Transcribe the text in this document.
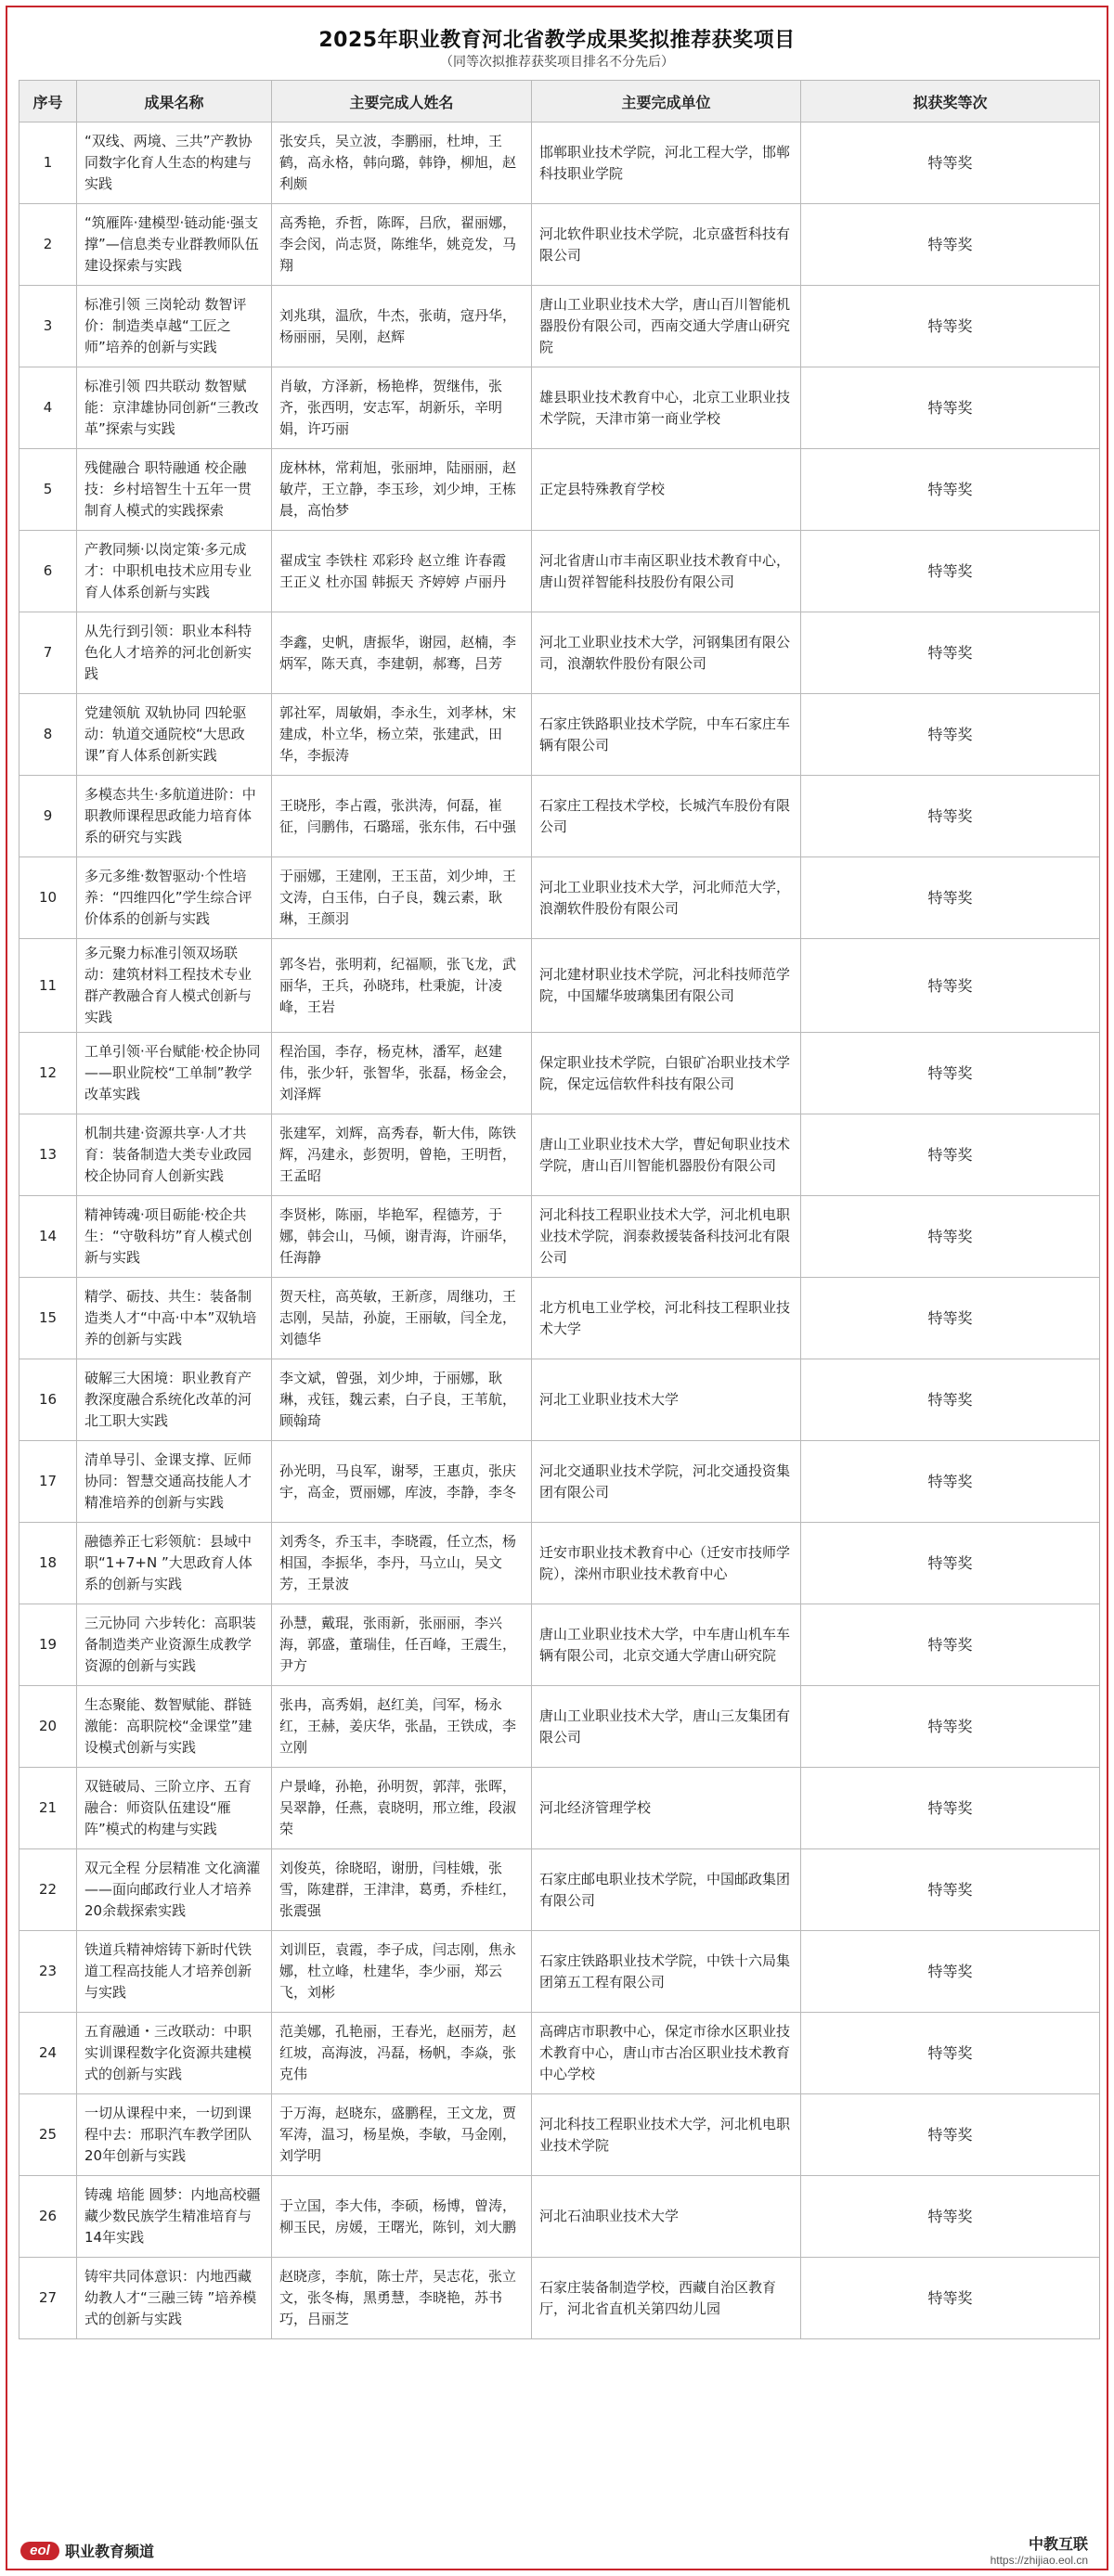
2025年职业教育河北省教学成果奖拟推荐获奖项目
（同等次拟推荐获奖项目排名不分先后）
序号	成果名称	主要完成人姓名	主要完成单位	拟获奖等次
1	“双线、两境、三共”产教协同数字化育人生态的构建与实践	张安兵，吴立波，李鹏丽，杜坤，王鹤，高永格，韩向璐，韩铮，柳旭，赵利颇	邯郸职业技术学院，河北工程大学，邯郸科技职业学院	特等奖
2	“筑雁阵·建模型·链动能·强支撑”—信息类专业群教师队伍建设探索与实践	高秀艳，乔哲，陈晖，吕欣，翟丽娜，李会闵，尚志贤，陈维华，姚竞发，马翔	河北软件职业技术学院，北京盛哲科技有限公司	特等奖
3	标准引领 三岗轮动 数智评价：制造类卓越“工匠之师”培养的创新与实践	刘兆琪，温欣，牛杰，张萌，寇丹华，杨丽丽，吴刚，赵辉	唐山工业职业技术大学，唐山百川智能机器股份有限公司，西南交通大学唐山研究院	特等奖
4	标准引领 四共联动 数智赋能：京津雄协同创新“三教改革”探索与实践	肖敏，方泽新，杨艳桦，贺继伟，张齐，张西明，安志军，胡新乐，辛明娟，许巧丽	雄县职业技术教育中心，北京工业职业技术学院，天津市第一商业学校	特等奖
5	残健融合 职特融通 校企融技：乡村培智生十五年一贯制育人模式的实践探索	庞林林，常莉旭，张丽坤，陆丽丽，赵敏芹，王立静，李玉珍，刘少坤，王栋晨，高怡梦	正定县特殊教育学校	特等奖
6	产教同频·以岗定策·多元成才：中职机电技术应用专业育人体系创新与实践	翟成宝 李铁柱 邓彩玲 赵立维 许春霞 王正义 杜亦国 韩振天 齐婷婷 卢丽丹	河北省唐山市丰南区职业技术教育中心，唐山贺祥智能科技股份有限公司	特等奖
7	从先行到引领：职业本科特色化人才培养的河北创新实践	李鑫，史帆，唐振华，谢园，赵楠，李炳军，陈天真，李建朝，郝骞，吕芳	河北工业职业技术大学，河钢集团有限公司，浪潮软件股份有限公司	特等奖
8	党建领航 双轨协同 四轮驱动：轨道交通院校“大思政课”育人体系创新实践	郭社军，周敏娟，李永生，刘孝林，宋建成，朴立华，杨立荣，张建武，田华，李振涛	石家庄铁路职业技术学院，中车石家庄车辆有限公司	特等奖
9	多模态共生·多航道进阶：中职教师课程思政能力培育体系的研究与实践	王晓彤，李占霞，张洪涛，何磊，崔征，闫鹏伟，石璐瑶，张东伟，石中强	石家庄工程技术学校，长城汽车股份有限公司	特等奖
10	多元多维·数智驱动·个性培养：“四维四化”学生综合评价体系的创新与实践	于丽娜，王建刚，王玉苗，刘少坤，王文涛，白玉伟，白子良，魏云素，耿琳，王颜羽	河北工业职业技术大学，河北师范大学，浪潮软件股份有限公司	特等奖
11	多元聚力标准引领双场联动：建筑材料工程技术专业群产教融合育人模式创新与实践	郭冬岩，张明莉，纪福顺，张飞龙，武丽华，王兵，孙晓玮，杜秉旎，计凌峰，王岩	河北建材职业技术学院，河北科技师范学院，中国耀华玻璃集团有限公司	特等奖
12	工单引领·平台赋能·校企协同——职业院校“工单制”教学改革实践	程治国，李存，杨克林，潘军，赵建伟，张少轩，张智华，张磊，杨金会，刘泽辉	保定职业技术学院，白银矿冶职业技术学院，保定远信软件科技有限公司	特等奖
13	机制共建·资源共享·人才共育：装备制造大类专业政园校企协同育人创新实践	张建军，刘辉，高秀春，靳大伟，陈铁辉，冯建永，彭贺明，曾艳，王明哲，王孟昭	唐山工业职业技术大学，曹妃甸职业技术学院，唐山百川智能机器股份有限公司	特等奖
14	精神铸魂·项目砺能·校企共生：“守敬科坊”育人模式创新与实践	李贤彬，陈丽，毕艳军，程德芳，于娜，韩会山，马倾，谢青海，许丽华，任海静	河北科技工程职业技术大学，河北机电职业技术学院，润泰救援装备科技河北有限公司	特等奖
15	精学、砺技、共生：装备制造类人才“中高·中本”双轨培养的创新与实践	贺天柱，高英敏，王新彦，周继功，王志刚，吴喆，孙旋，王丽敏，闫全龙，刘德华	北方机电工业学校，河北科技工程职业技术大学	特等奖
16	破解三大困境：职业教育产教深度融合系统化改革的河北工职大实践	李文斌，曾强，刘少坤，于丽娜，耿琳，戎钰，魏云素，白子良，王苇航，顾翰琦	河北工业职业技术大学	特等奖
17	清单导引、金课支撑、匠师协同：智慧交通高技能人才精准培养的创新与实践	孙光明，马良军，谢琴，王惠贞，张庆宇，高金，贾丽娜，库波，李静，李冬	河北交通职业技术学院，河北交通投资集团有限公司	特等奖
18	融德养正七彩领航：县域中职“1+7+N ”大思政育人体系的创新与实践	刘秀冬，乔玉丰，李晓霞，任立杰，杨相国，李振华，李丹，马立山，吴文芳，王景波	迁安市职业技术教育中心（迁安市技师学院），滦州市职业技术教育中心	特等奖
19	三元协同 六步转化：高职装备制造类产业资源生成教学资源的创新与实践	孙慧，戴琨，张雨新，张丽丽，李兴海，郭盛，董瑞佳，任百峰，王震生，尹方	唐山工业职业技术大学，中车唐山机车车辆有限公司，北京交通大学唐山研究院	特等奖
20	生态聚能、数智赋能、群链激能：高职院校“金课堂”建设模式创新与实践	张冉，高秀娟，赵红美，闫军，杨永红，王赫，姜庆华，张晶，王铁成，李立刚	唐山工业职业技术大学，唐山三友集团有限公司	特等奖
21	双链破局、三阶立序、五育融合：师资队伍建设“雁阵”模式的构建与实践	户景峰，孙艳，孙明贺，郭萍，张晖，吴翠静，任燕，袁晓明，邢立维，段淑荣	河北经济管理学校	特等奖
22	双元全程 分层精准 文化滴灌——面向邮政行业人才培养20余载探索实践	刘俊英，徐晓昭，谢册，闫桂娥，张雪，陈建群，王津津，葛勇，乔桂红，张震强	石家庄邮电职业技术学院，中国邮政集团有限公司	特等奖
23	铁道兵精神熔铸下新时代铁道工程高技能人才培养创新与实践	刘训臣，袁霞，李子成，闫志刚，焦永娜，杜立峰，杜建华，李少丽，郑云飞，刘彬	石家庄铁路职业技术学院，中铁十六局集团第五工程有限公司	特等奖
24	五育融通・三改联动：中职实训课程数字化资源共建模式的创新与实践	范美娜，孔艳丽，王春光，赵丽芳，赵红坡，高海波，冯磊，杨帆，李焱，张克伟	高碑店市职教中心，保定市徐水区职业技术教育中心，唐山市古冶区职业技术教育中心学校	特等奖
25	一切从课程中来，一切到课程中去：邢职汽车教学团队20年创新与实践	于万海，赵晓东，盛鹏程，王文龙，贾军涛，温习，杨星焕，李敏，马金刚，刘学明	河北科技工程职业技术大学，河北机电职业技术学院	特等奖
26	铸魂 培能 圆梦：内地高校疆藏少数民族学生精准培育与14年实践	于立国，李大伟，李硕，杨博，曾涛，柳玉民，房媛，王曙光，陈钊，刘大鹏	河北石油职业技术大学	特等奖
27	铸牢共同体意识：内地西藏幼教人才“三融三铸 ”培养模式的创新与实践	赵晓彦，李航，陈士芹，吴志花，张立文，张冬梅，黑勇慧，李晓艳，苏书巧，吕丽芝	石家庄装备制造学校，西藏自治区教育厅，河北省直机关第四幼儿园	特等奖
eol	职业教育频道	中教互联
https://zhijiao.eol.cn
